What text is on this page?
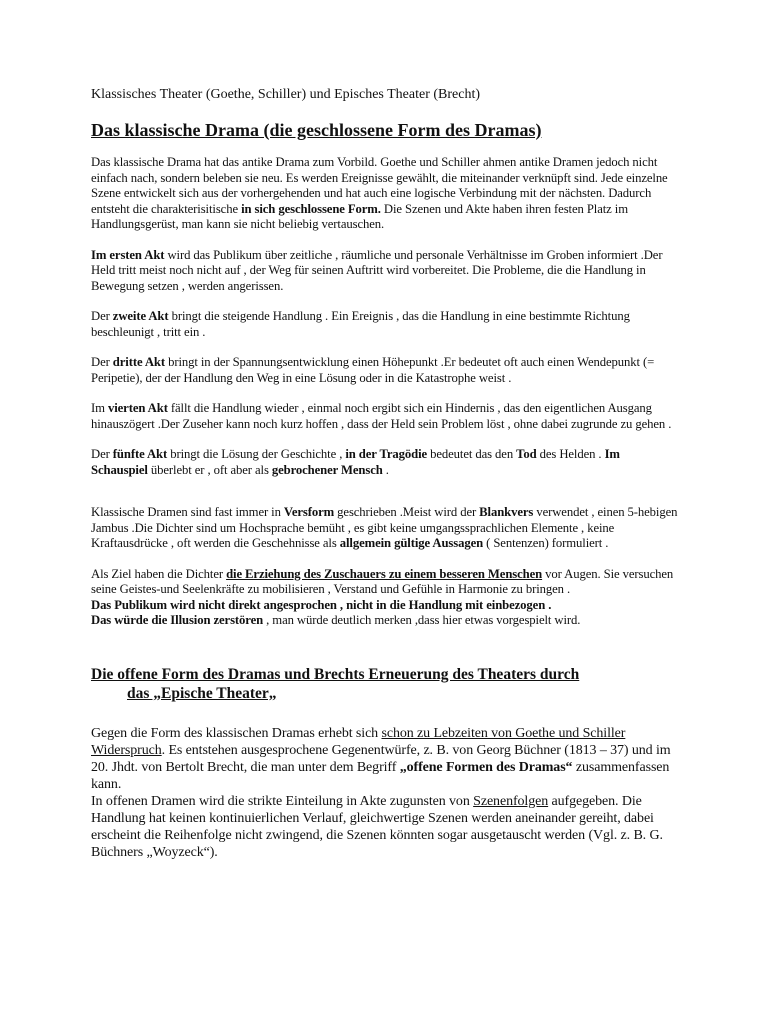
Klassisches Theater (Goethe, Schiller) und Episches Theater (Brecht)
Das klassische Drama (die geschlossene Form des Dramas)
Das klassische Drama hat das antike Drama zum Vorbild. Goethe und Schiller ahmen antike Dramen jedoch nicht einfach nach, sondern beleben sie neu. Es werden Ereignisse gewählt, die miteinander verknüpft sind. Jede einzelne Szene entwickelt sich aus der vorhergehenden und hat auch eine logische Verbindung mit der nächsten. Dadurch entsteht die charakterisitische in sich geschlossene Form. Die Szenen und Akte haben ihren festen Platz im Handlungsgerüst, man kann sie nicht beliebig vertauschen.
Im ersten Akt wird das Publikum über zeitliche , räumliche und personale Verhältnisse im Groben informiert .Der Held tritt meist noch nicht auf , der Weg für seinen Auftritt wird vorbereitet. Die Probleme, die die Handlung in Bewegung setzen , werden angerissen.
Der zweite Akt bringt die steigende Handlung . Ein Ereignis , das die Handlung in eine bestimmte Richtung beschleunigt , tritt ein .
Der dritte Akt bringt in der Spannungsentwicklung einen Höhepunkt .Er bedeutet oft auch einen Wendepunkt (= Peripetie), der der Handlung den Weg in eine Lösung oder in die Katastrophe weist .
Im vierten Akt fällt die Handlung wieder , einmal noch ergibt sich ein Hindernis , das den eigentlichen Ausgang hinauszögert .Der Zuseher kann noch kurz hoffen , dass der Held sein Problem löst , ohne dabei zugrunde zu gehen .
Der fünfte Akt bringt die Lösung der Geschichte , in der Tragödie bedeutet das den Tod des Helden . Im Schauspiel überlebt er , oft aber als gebrochener Mensch .
Klassische Dramen sind fast immer in Versform geschrieben .Meist wird der Blankvers verwendet , einen 5-hebigen Jambus .Die Dichter sind um Hochsprache bemüht , es gibt keine umgangssprachlichen Elemente , keine Kraftausdrücke , oft werden die Geschehnisse als allgemein gültige Aussagen ( Sentenzen) formuliert .
Als Ziel haben die Dichter die Erziehung des Zuschauers zu einem besseren Menschen vor Augen. Sie versuchen seine Geistes-und Seelenkräfte zu mobilisieren , Verstand und Gefühle in Harmonie zu bringen .
Das Publikum wird nicht direkt angesprochen , nicht in die Handlung mit einbezogen .
Das würde die Illusion zerstören , man würde deutlich merken ,dass hier etwas vorgespielt wird.
Die offene Form des Dramas und Brechts Erneuerung des Theaters durch
das „Epische Theater„
Gegen die Form des klassischen Dramas erhebt sich schon zu Lebzeiten von Goethe und Schiller Widerspruch. Es entstehen ausgesprochene Gegenentwürfe, z. B. von Georg Büchner (1813 – 37) und im 20. Jhdt. von Bertolt Brecht, die man unter dem Begriff „offene Formen des Dramas“ zusammenfassen kann.
In offenen Dramen wird die strikte Einteilung in Akte zugunsten von Szenenfolgen aufgegeben. Die Handlung hat keinen kontinuierlichen Verlauf, gleichwertige Szenen werden aneinander gereiht, dabei erscheint die Reihenfolge nicht zwingend, die Szenen könnten sogar ausgetauscht werden (Vgl. z. B. G. Büchners „Woyzeck“).
